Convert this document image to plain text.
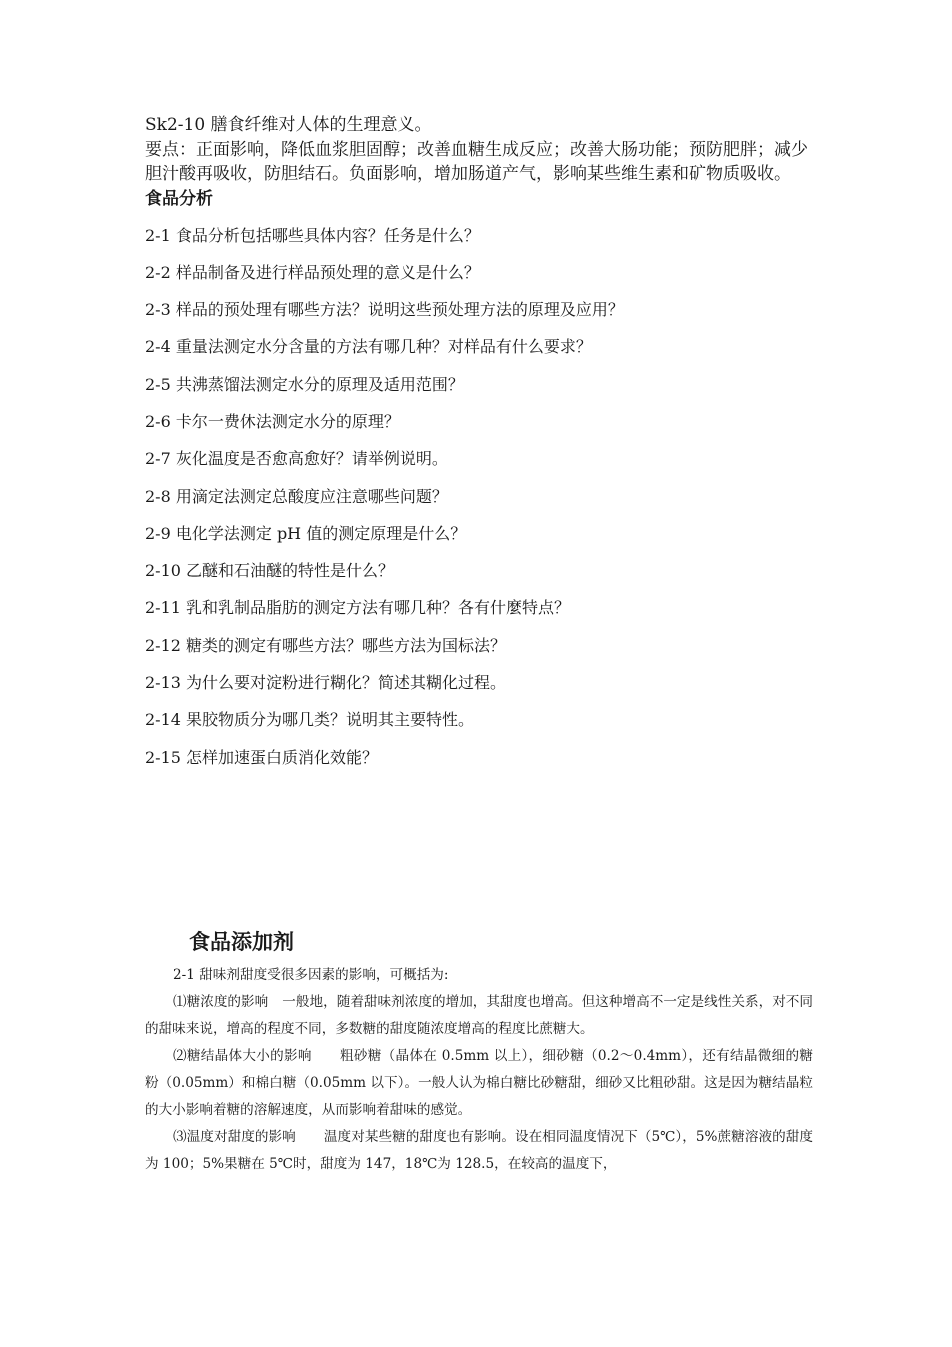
Sk2-10 膳食纤维对人体的生理意义。

要点：正面影响，降低血浆胆固醇；改善血糖生成反应；改善大肠功能；预防肥胖；减少胆汁酸再吸收，防胆结石。负面影响，增加肠道产气，影响某些维生素和矿物质吸收。

食品分析
2-1 食品分析包括哪些具体内容？任务是什么？
2-2 样品制备及进行样品预处理的意义是什么？
2-3 样品的预处理有哪些方法？说明这些预处理方法的原理及应用？
2-4 重量法测定水分含量的方法有哪几种？对样品有什么要求？
2-5 共沸蒸馏法测定水分的原理及适用范围？
2-6 卡尔一费休法测定水分的原理？
2-7 灰化温度是否愈高愈好？请举例说明。
2-8 用滴定法测定总酸度应注意哪些问题？
2-9 电化学法测定 pH 值的测定原理是什么？
2-10 乙醚和石油醚的特性是什么？
2-11 乳和乳制品脂肪的测定方法有哪几种？各有什麼特点？
2-12 糖类的测定有哪些方法？哪些方法为国标法？
2-13 为什么要对淀粉进行糊化？简述其糊化过程。
2-14 果胶物质分为哪几类？说明其主要特性。
2-15 怎样加速蛋白质消化效能？
食品添加剂

2-1 甜味剂甜度受很多因素的影响，可概括为:

⑴糖浓度的影响 一般地，随着甜味剂浓度的增加，其甜度也增高。但这种增高不一定是线性关系，对不同的甜味来说，增高的程度不同，多数糖的甜度随浓度增高的程度比蔗糖大。

⑵糖结晶体大小的影响 粗砂糖（晶体在 0.5mm 以上），细砂糖（0.2～0.4mm），还有结晶微细的糖粉（0.05mm）和棉白糖（0.05mm 以下）。一般人认为棉白糖比砂糖甜，细砂又比粗砂甜。这是因为糖结晶粒的大小影响着糖的溶解速度，从而影响着甜味的感觉。

⑶温度对甜度的影响 温度对某些糖的甜度也有影响。设在相同温度情况下（5℃），5%蔗糖溶液的甜度为 100；5%果糖在 5℃时，甜度为 147，18℃为 128.5，在较高的温度下，
